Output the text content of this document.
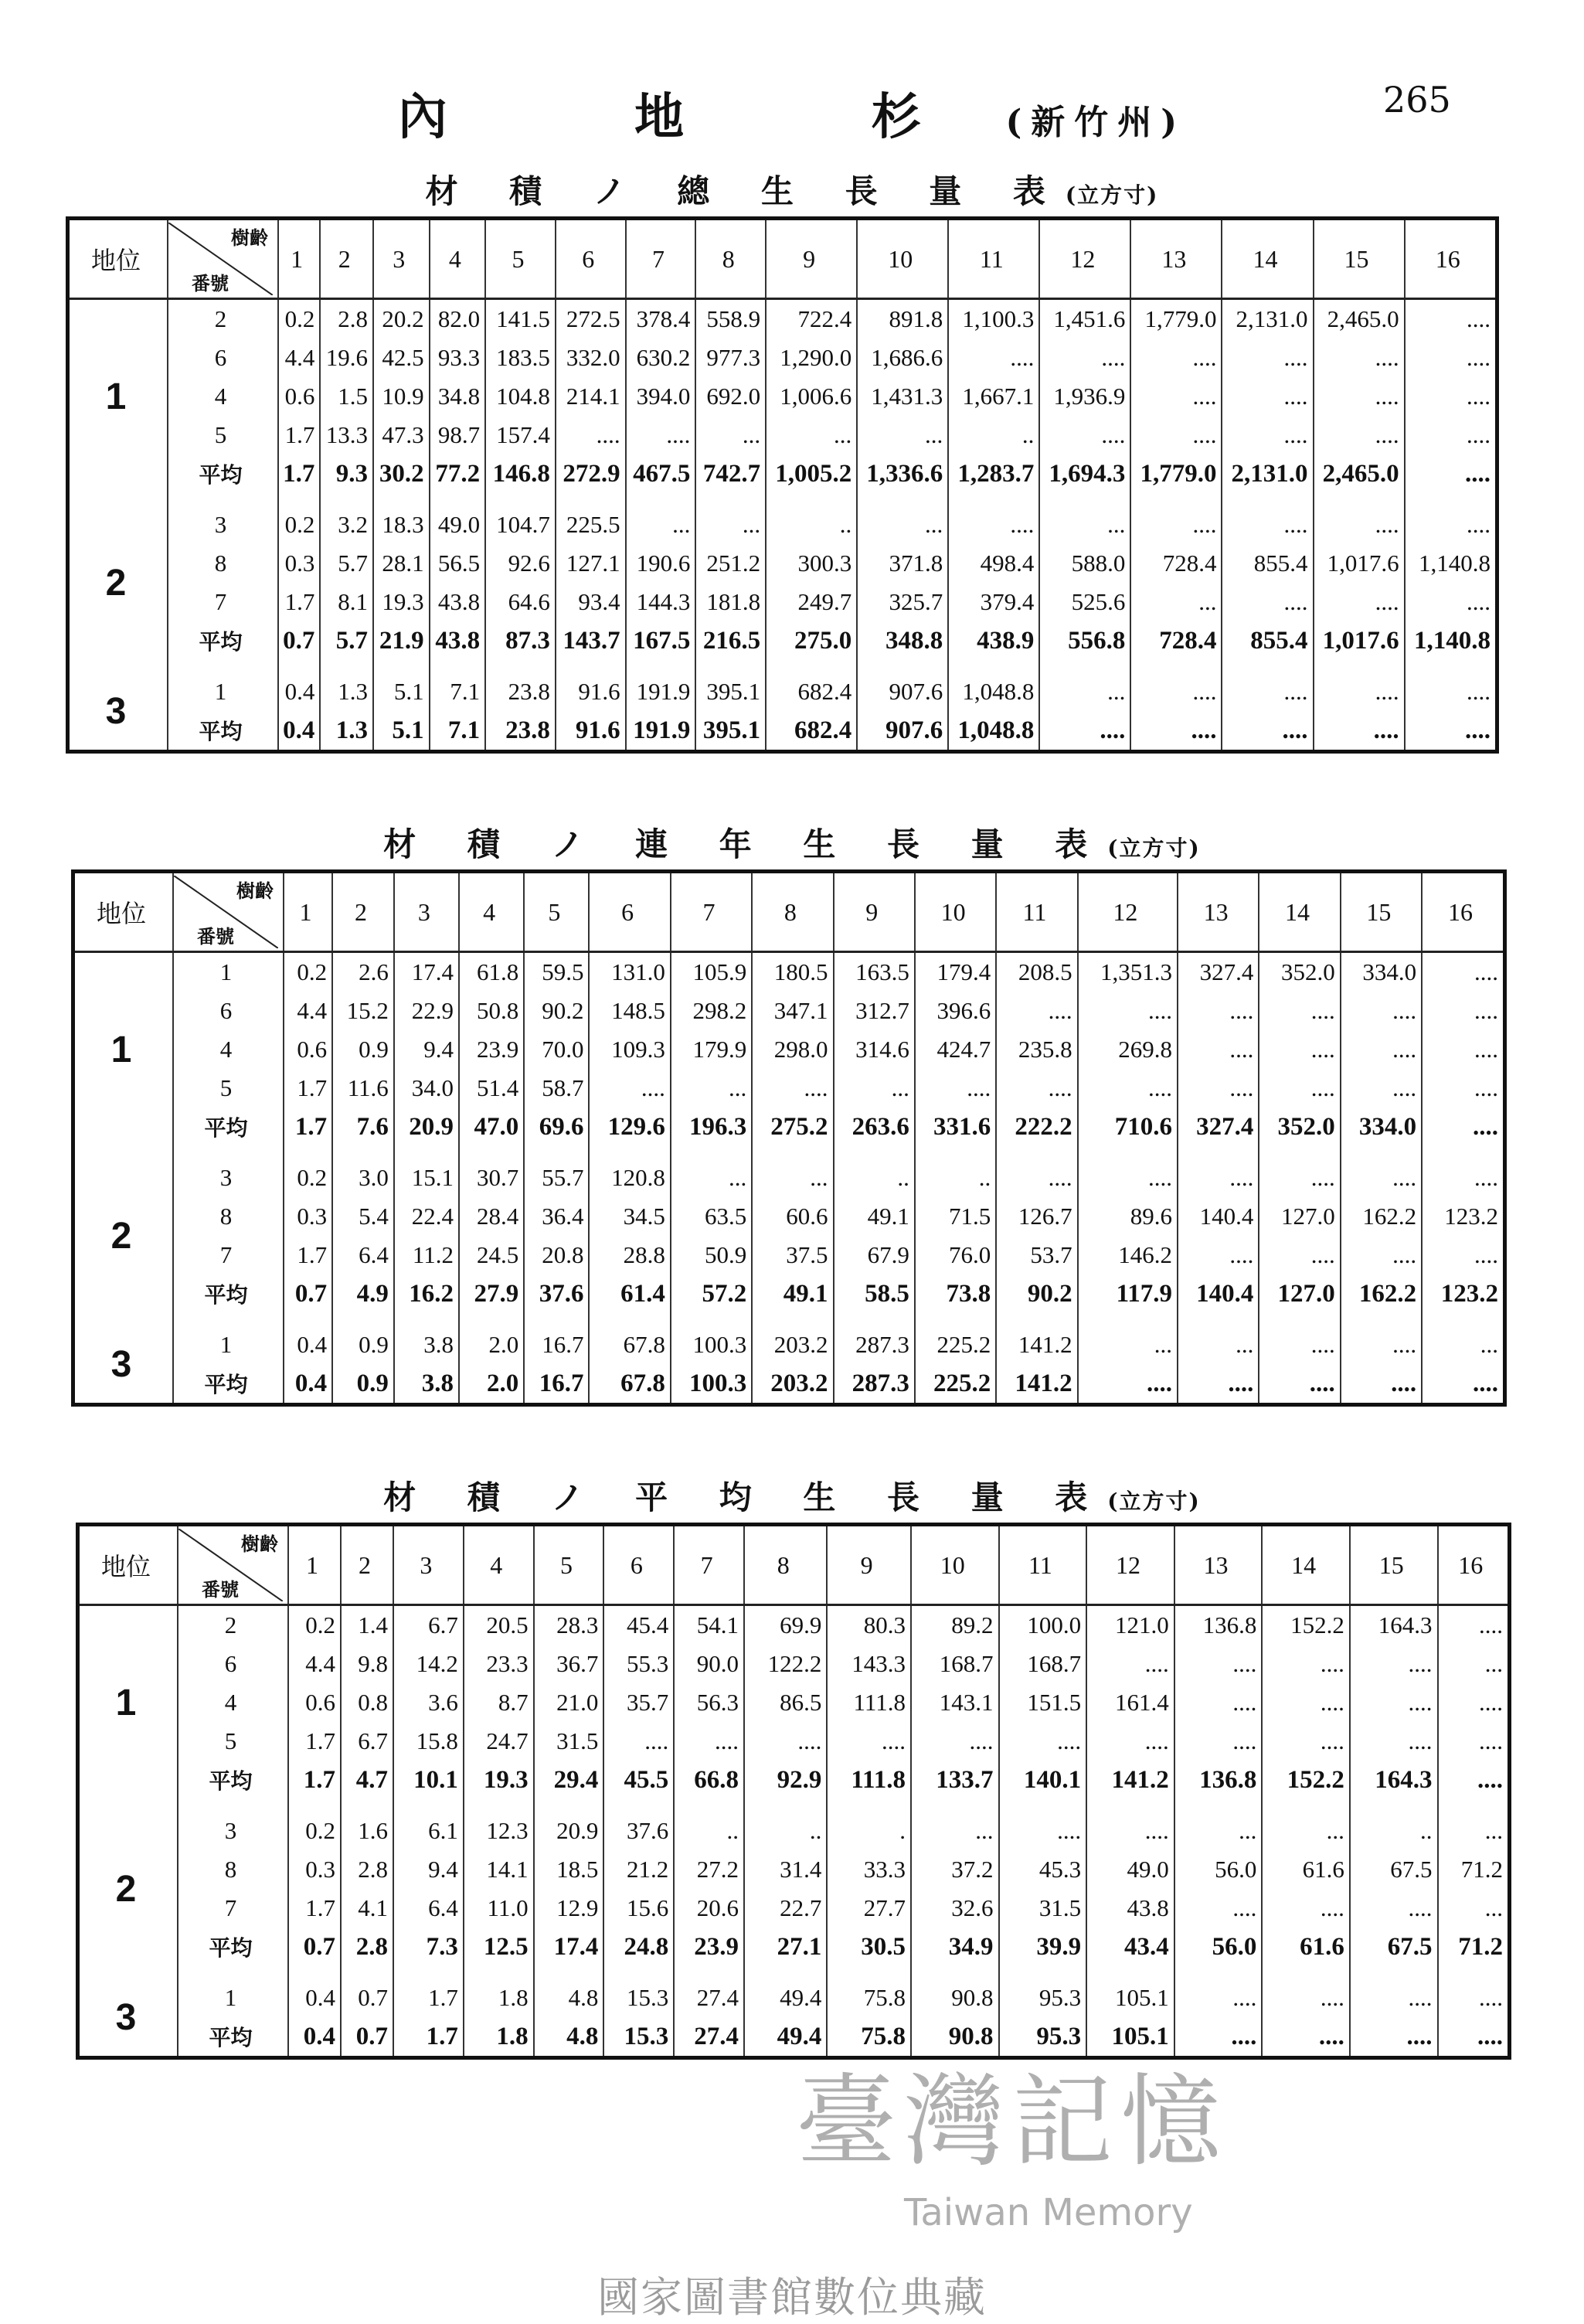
內 地 杉(新竹州)
265
材 積 ノ 總 生 長 量 表(立方寸)
地位	樹齡
番號	1	2	3	4	5	6	7	8	9	10	11	12	13	14	15	16
1	2	0.2	2.8	20.2	82.0	141.5	272.5	378.4	558.9	722.4	891.8	1,100.3	1,451.6	1,779.0	2,131.0	2,465.0	....
	6	4.4	19.6	42.5	93.3	183.5	332.0	630.2	977.3	1,290.0	1,686.6	....	....	....	....	....	....
	4	0.6	1.5	10.9	34.8	104.8	214.1	394.0	692.0	1,006.6	1,431.3	1,667.1	1,936.9	....	....	....	....
	5	1.7	13.3	47.3	98.7	157.4	....	....	...	...	...	..	....	....	....	....	....
	平均	1.7	9.3	30.2	77.2	146.8	272.9	467.5	742.7	1,005.2	1,336.6	1,283.7	1,694.3	1,779.0	2,131.0	2,465.0	....

2	3	0.2	3.2	18.3	49.0	104.7	225.5	...	...	..	...	....	...	....	....	....	....
	8	0.3	5.7	28.1	56.5	92.6	127.1	190.6	251.2	300.3	371.8	498.4	588.0	728.4	855.4	1,017.6	1,140.8
	7	1.7	8.1	19.3	43.8	64.6	93.4	144.3	181.8	249.7	325.7	379.4	525.6	...	....	....	....
	平均	0.7	5.7	21.9	43.8	87.3	143.7	167.5	216.5	275.0	348.8	438.9	556.8	728.4	855.4	1,017.6	1,140.8

3	1	0.4	1.3	5.1	7.1	23.8	91.6	191.9	395.1	682.4	907.6	1,048.8	...	....	....	....	....
	平均	0.4	1.3	5.1	7.1	23.8	91.6	191.9	395.1	682.4	907.6	1,048.8	....	....	....	....	....
材 積 ノ 連 年 生 長 量 表(立方寸)
地位	樹齡
番號	1	2	3	4	5	6	7	8	9	10	11	12	13	14	15	16
1	1	0.2	2.6	17.4	61.8	59.5	131.0	105.9	180.5	163.5	179.4	208.5	1,351.3	327.4	352.0	334.0	....
	6	4.4	15.2	22.9	50.8	90.2	148.5	298.2	347.1	312.7	396.6	....	....	....	....	....	....
	4	0.6	0.9	9.4	23.9	70.0	109.3	179.9	298.0	314.6	424.7	235.8	269.8	....	....	....	....
	5	1.7	11.6	34.0	51.4	58.7	....	...	....	...	....	....	....	....	....	....	....
	平均	1.7	7.6	20.9	47.0	69.6	129.6	196.3	275.2	263.6	331.6	222.2	710.6	327.4	352.0	334.0	....

2	3	0.2	3.0	15.1	30.7	55.7	120.8	...	...	..	..	....	....	....	....	....	....
	8	0.3	5.4	22.4	28.4	36.4	34.5	63.5	60.6	49.1	71.5	126.7	89.6	140.4	127.0	162.2	123.2
	7	1.7	6.4	11.2	24.5	20.8	28.8	50.9	37.5	67.9	76.0	53.7	146.2	....	....	....	....
	平均	0.7	4.9	16.2	27.9	37.6	61.4	57.2	49.1	58.5	73.8	90.2	117.9	140.4	127.0	162.2	123.2

3	1	0.4	0.9	3.8	2.0	16.7	67.8	100.3	203.2	287.3	225.2	141.2	...	...	....	....	...
	平均	0.4	0.9	3.8	2.0	16.7	67.8	100.3	203.2	287.3	225.2	141.2	....	....	....	....	....
材 積 ノ 平 均 生 長 量 表(立方寸)
地位	樹齡
番號	1	2	3	4	5	6	7	8	9	10	11	12	13	14	15	16
1	2	0.2	1.4	6.7	20.5	28.3	45.4	54.1	69.9	80.3	89.2	100.0	121.0	136.8	152.2	164.3	....
	6	4.4	9.8	14.2	23.3	36.7	55.3	90.0	122.2	143.3	168.7	168.7	....	....	....	....	...
	4	0.6	0.8	3.6	8.7	21.0	35.7	56.3	86.5	111.8	143.1	151.5	161.4	....	....	....	....
	5	1.7	6.7	15.8	24.7	31.5	....	....	....	....	....	....	....	....	....	....	....
	平均	1.7	4.7	10.1	19.3	29.4	45.5	66.8	92.9	111.8	133.7	140.1	141.2	136.8	152.2	164.3	....

2	3	0.2	1.6	6.1	12.3	20.9	37.6	..	..	.	...	....	....	...	...	..	...
	8	0.3	2.8	9.4	14.1	18.5	21.2	27.2	31.4	33.3	37.2	45.3	49.0	56.0	61.6	67.5	71.2
	7	1.7	4.1	6.4	11.0	12.9	15.6	20.6	22.7	27.7	32.6	31.5	43.8	....	....	....	...
	平均	0.7	2.8	7.3	12.5	17.4	24.8	23.9	27.1	30.5	34.9	39.9	43.4	56.0	61.6	67.5	71.2

3	1	0.4	0.7	1.7	1.8	4.8	15.3	27.4	49.4	75.8	90.8	95.3	105.1	....	....	....	....
	平均	0.4	0.7	1.7	1.8	4.8	15.3	27.4	49.4	75.8	90.8	95.3	105.1	....	....	....	....
臺灣記憶
Taiwan Memory
國家圖書館數位典藏
